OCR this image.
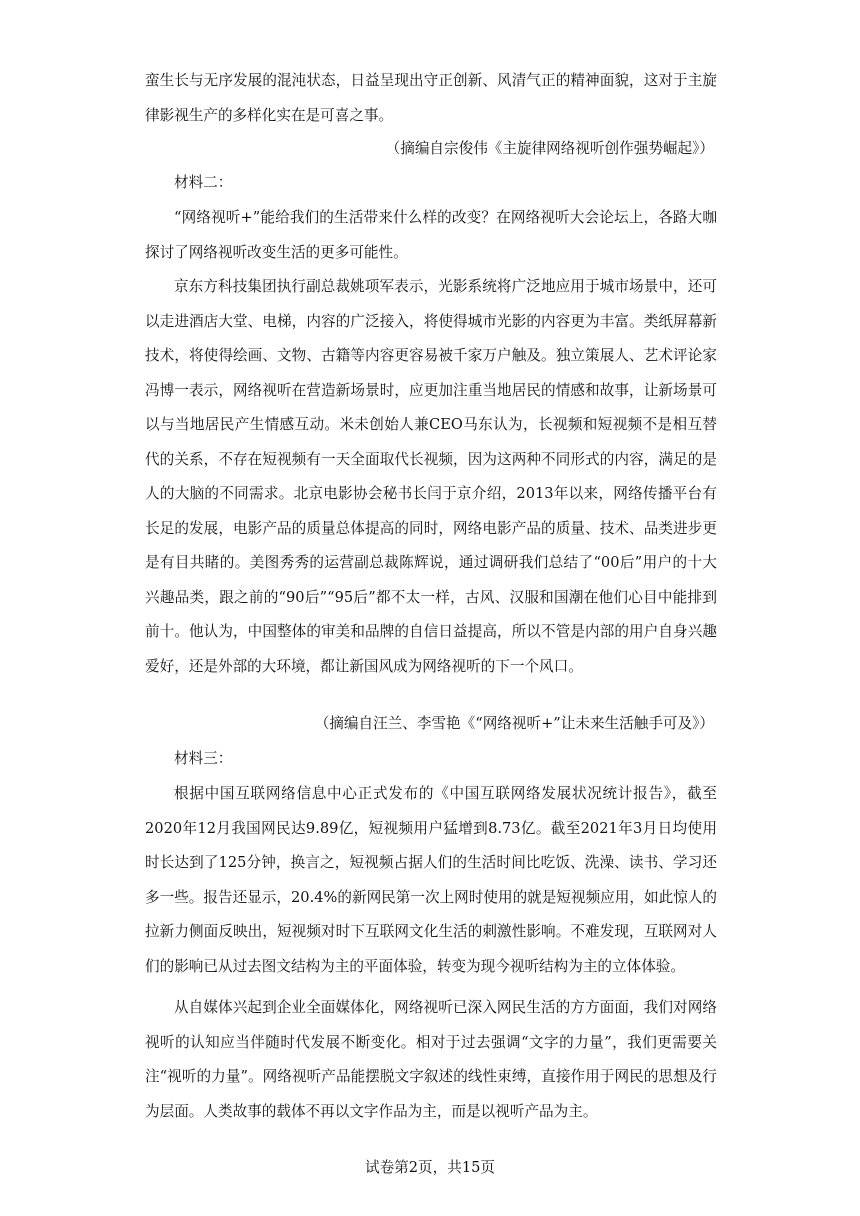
蛮生长与无序发展的混沌状态，日益呈现出守正创新、风清气正的精神面貌，这对于主旋律影视生产的多样化实在是可喜之事。

（摘编自宗俊伟《主旋律网络视听创作强势崛起》）

材料二：

“网络视听+”能给我们的生活带来什么样的改变？在网络视听大会论坛上，各路大咖探讨了网络视听改变生活的更多可能性。

京东方科技集团执行副总裁姚项军表示，光影系统将广泛地应用于城市场景中，还可以走进酒店大堂、电梯，内容的广泛接入，将使得城市光影的内容更为丰富。类纸屏幕新技术，将使得绘画、文物、古籍等内容更容易被千家万户触及。独立策展人、艺术评论家冯博一表示，网络视听在营造新场景时，应更加注重当地居民的情感和故事，让新场景可以与当地居民产生情感互动。米未创始人兼CEO马东认为，长视频和短视频不是相互替代的关系，不存在短视频有一天全面取代长视频，因为这两种不同形式的内容，满足的是人的大脑的不同需求。北京电影协会秘书长闫于京介绍，2013年以来，网络传播平台有长足的发展，电影产品的质量总体提高的同时，网络电影产品的质量、技术、品类进步更是有目共睹的。美图秀秀的运营副总裁陈辉说，通过调研我们总结了“00后”用户的十大兴趣品类，跟之前的“90后”“95后”都不太一样，古风、汉服和国潮在他们心目中能排到前十。他认为，中国整体的审美和品牌的自信日益提高，所以不管是内部的用户自身兴趣爱好，还是外部的大环境，都让新国风成为网络视听的下一个风口。

（摘编自汪兰、李雪艳《“网络视听+”让未来生活触手可及》）

材料三：

根据中国互联网络信息中心正式发布的《中国互联网络发展状况统计报告》，截至2020年12月我国网民达9.89亿，短视频用户猛增到8.73亿。截至2021年3月日均使用时长达到了125分钟，换言之，短视频占据人们的生活时间比吃饭、洗澡、读书、学习还多一些。报告还显示，20.4%的新网民第一次上网时使用的就是短视频应用，如此惊人的拉新力侧面反映出，短视频对时下互联网文化生活的刺激性影响。不难发现，互联网对人们的影响已从过去图文结构为主的平面体验，转变为现今视听结构为主的立体体验。

从自媒体兴起到企业全面媒体化，网络视听已深入网民生活的方方面面，我们对网络视听的认知应当伴随时代发展不断变化。相对于过去强调“文字的力量”，我们更需要关注“视听的力量”。网络视听产品能摆脱文字叙述的线性束缚，直接作用于网民的思想及行为层面。人类故事的载体不再以文字作品为主，而是以视听产品为主。

试卷第2页，共15页
